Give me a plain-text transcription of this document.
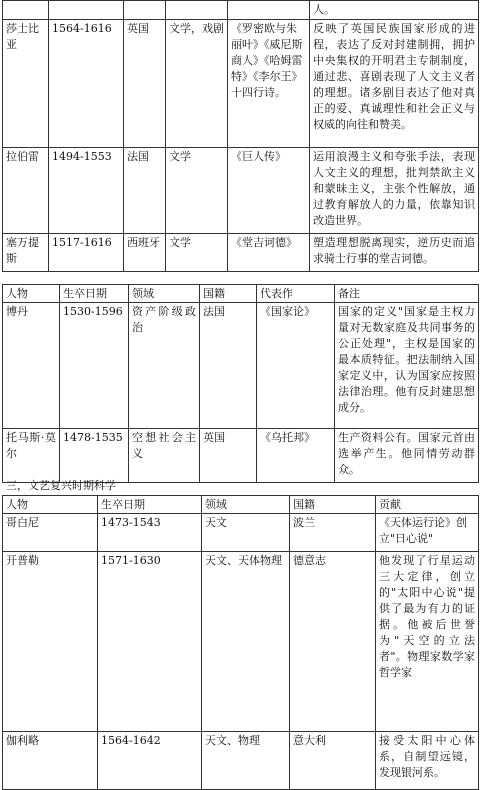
					人。
莎士比亚	1564-1616	英国	文学，戏剧	《罗密欧与朱丽叶》《威尼斯商人》《哈姆雷特》《李尔王》十四行诗。	反映了英国民族国家形成的进程，表达了反对封建制拥，拥护中央集权的开明君主专制制度，通过悲、喜剧表现了人文主义者的理想。诸多剧目表达了他对真正的爱、真诚理性和社会正义与权威的向往和赞美。
拉伯雷	1494-1553	法国	文学	《巨人传》	运用浪漫主义和夸张手法，表现人文主义的理想，批判禁欲主义和蒙昧主义，主张个性解放，通过教育解放人的力量，依靠知识改造世界。
塞万提斯	1517-1616	西班牙	文学	《堂吉诃德》	塑造理想脱离现实，逆历史而追求骑士行事的堂吉诃德。
人物	生卒日期	领域	国籍	代表作	备注
博丹	1530-1596	资产阶级政治	法国	《国家论》	国家的定义"国家是主权力量对无数家庭及共同事务的公正处理"，主权是国家的最本质特征。把法制纳入国家定义中，认为国家应按照法律治理。他有反封建思想成分。
托马斯·莫尔	1478-1535	空想社会主义	英国	《乌托邦》	生产资料公有。国家元首由选举产生。他同情劳动群众。
三，文艺复兴时期科学
人物	生卒日期	领域	国籍	贡献
哥白尼	1473-1543	天文	波兰	《天体运行论》创立"日心说"
开普勒	1571-1630	天文、天体物理	德意志	他发现了行星运动三大定律，创立的"太阳中心说"提供了最为有力的证据。他被后世誉为"天空的立法者"。物理家数学家哲学家
伽利略	1564-1642	天文、物理	意大利	接受太阳中心体系，自制望远镜，发现银河系。
